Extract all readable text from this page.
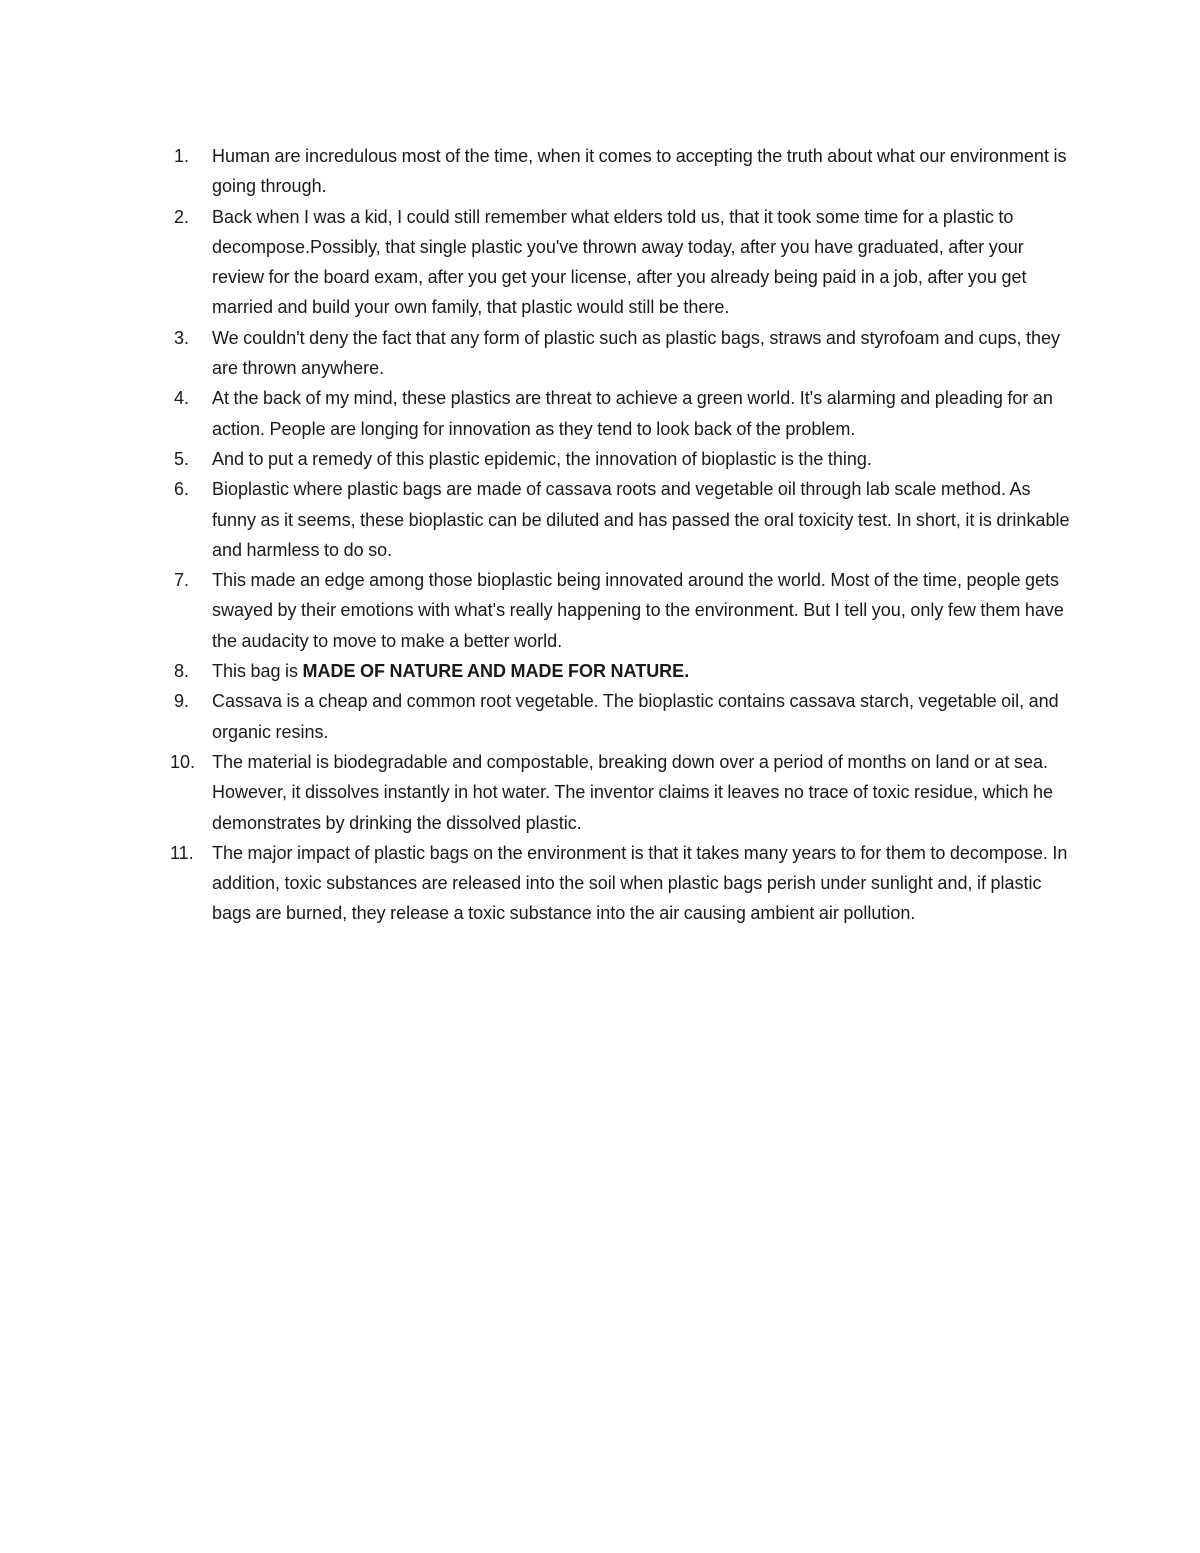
1.	Human are incredulous most of the time, when it comes to accepting the truth about what our environment is going through.
2.	Back when I was a kid, I could still remember what elders told us, that it took some time for a plastic to decompose.Possibly, that single plastic you've thrown away today, after you have graduated, after your review for the board exam, after you get your license, after you already being paid in a job, after you get married and build your own family, that plastic would still be there.
3.	We couldn't deny the fact that any form of plastic such as plastic bags, straws and styrofoam and cups, they are thrown anywhere.
4.	At the back of my mind, these plastics are threat to achieve a green world. It's alarming and pleading for an action. People are longing for innovation as they tend to look back of the problem.
5.	And to put a remedy of this plastic epidemic, the innovation of bioplastic is the thing.
6.	Bioplastic where plastic bags are made of cassava roots and vegetable oil through lab scale method. As funny as it seems, these bioplastic can be diluted and has passed the oral toxicity test. In short, it is drinkable and harmless to do so.
7.	This made an edge among those bioplastic being innovated around the world. Most of the time, people gets swayed by their emotions with what's really happening to the environment. But I tell you, only few them have the audacity to move to make a better world.
8.	This bag is MADE OF NATURE AND MADE FOR NATURE.
9.	Cassava is a cheap and common root vegetable. The bioplastic contains cassava starch, vegetable oil, and organic resins.
10. The material is biodegradable and compostable, breaking down over a period of months on land or at sea. However, it dissolves instantly in hot water. The inventor claims it leaves no trace of toxic residue, which he demonstrates by drinking the dissolved plastic.
11.	The major impact of plastic bags on the environment is that it takes many years to for them to decompose. In addition, toxic substances are released into the soil when plastic bags perish under sunlight and, if plastic bags are burned, they release a toxic substance into the air causing ambient air pollution.
